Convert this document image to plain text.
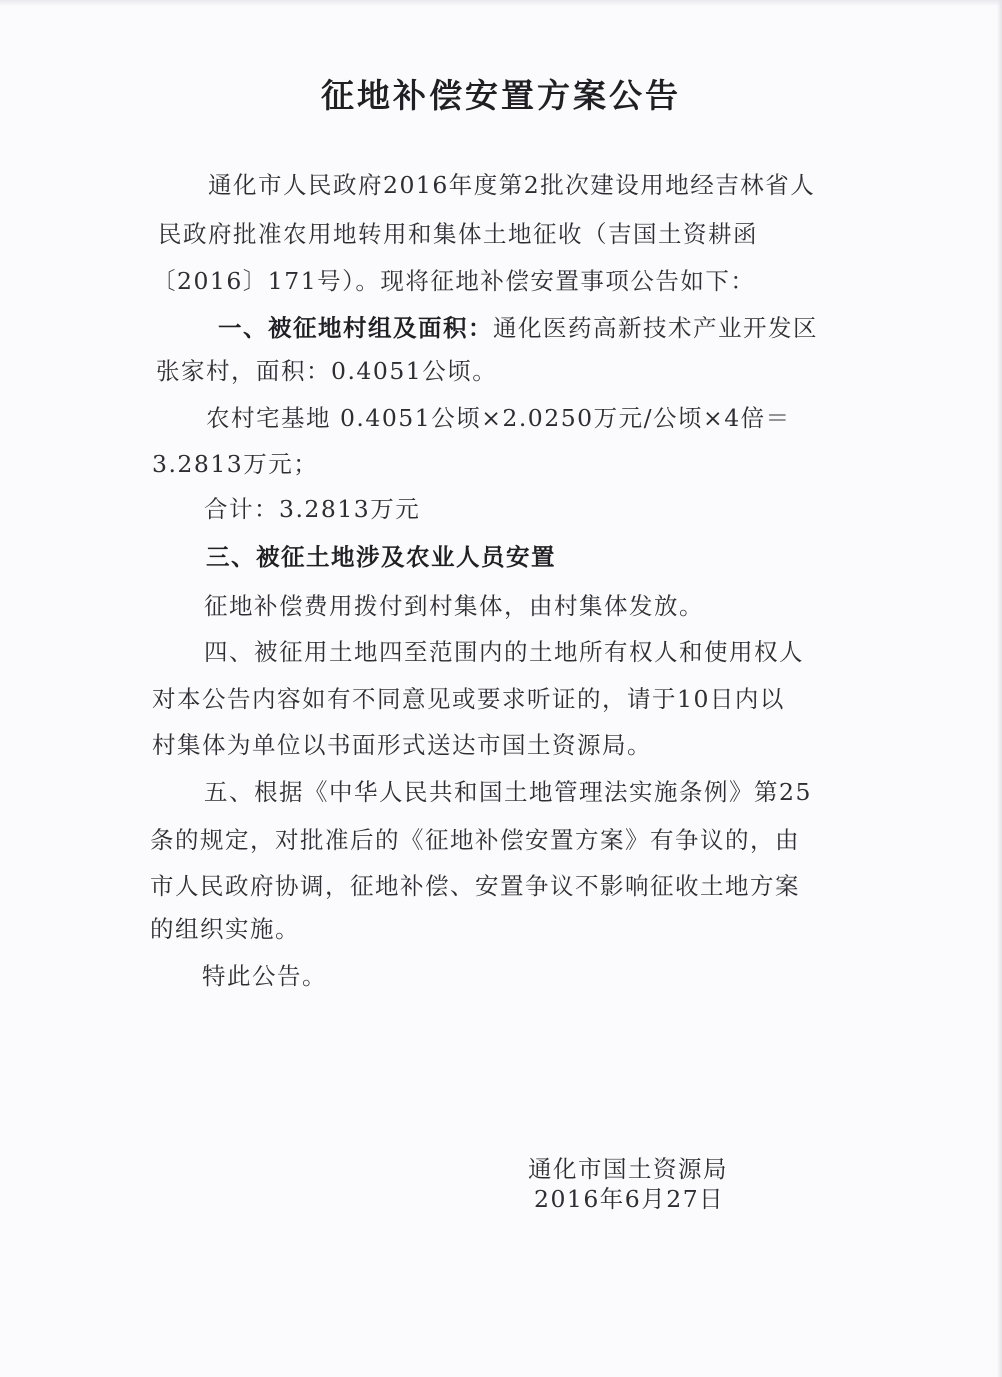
征地补偿安置方案公告
通化市人民政府2016年度第2批次建设用地经吉林省人
民政府批准农用地转用和集体土地征收（吉国土资耕函
〔2016〕171号）。现将征地补偿安置事项公告如下：
一、被征地村组及面积：通化医药高新技术产业开发区
张家村，面积：0.4051公顷。
农村宅基地 0.4051公顷×2.0250万元/公顷×4倍＝
3.2813万元；
合计：3.2813万元
三、被征土地涉及农业人员安置
征地补偿费用拨付到村集体，由村集体发放。
四、被征用土地四至范围内的土地所有权人和使用权人
对本公告内容如有不同意见或要求听证的，请于10日内以
村集体为单位以书面形式送达市国土资源局。
五、根据《中华人民共和国土地管理法实施条例》第25
条的规定，对批准后的《征地补偿安置方案》有争议的，由
市人民政府协调，征地补偿、安置争议不影响征收土地方案
的组织实施。
特此公告。
通化市国土资源局
2016年6月27日
